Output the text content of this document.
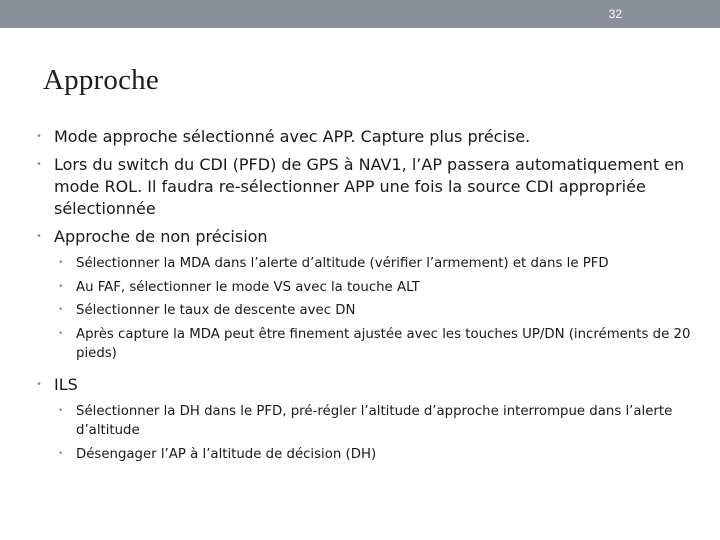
32
Approche
• Mode approche sélectionné avec APP. Capture plus précise.
• Lors du switch du CDI (PFD) de GPS à NAV1, l’AP passera automatiquement en mode ROL. Il faudra re-sélectionner APP une fois la source CDI appropriée sélectionnée
• Approche de non précision
• Sélectionner la MDA dans l’alerte d’altitude (vérifier l’armement) et dans le PFD
• Au FAF, sélectionner le mode VS avec la touche ALT
• Sélectionner le taux de descente avec DN
• Après capture la MDA peut être finement ajustée avec les touches UP/DN (incréments de 20 pieds)
• ILS
• Sélectionner la DH dans le PFD, pré-régler l’altitude d’approche interrompue dans l’alerte d’altitude
• Désengager l’AP à l’altitude de décision (DH)
